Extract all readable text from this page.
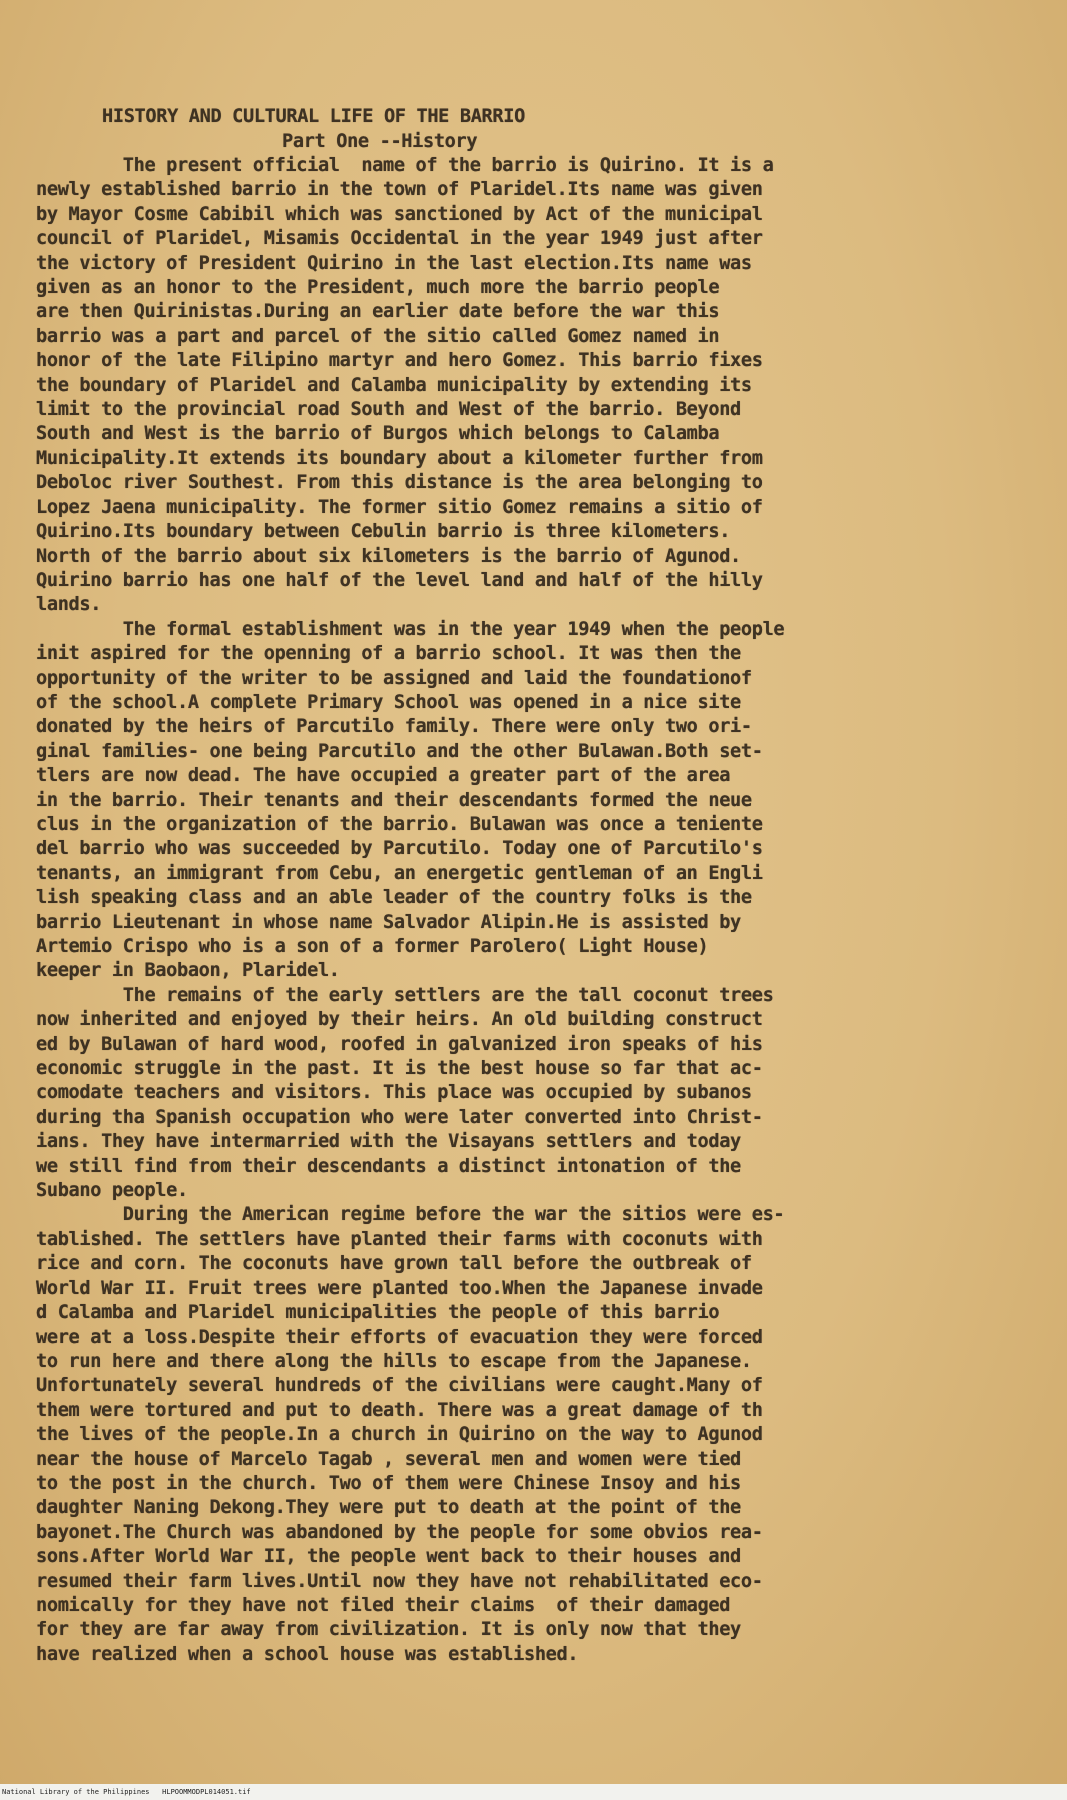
HISTORY AND CULTURAL LIFE OF THE BARRIO
Part One --History

The present official  name of the barrio is Quirino. It is a
newly established barrio in the town of Plaridel.Its name was given
by Mayor Cosme Cabibil which was sanctioned by Act of the municipal
council of Plaridel, Misamis Occidental in the year 1949 just after
the victory of President Quirino in the last election.Its name was
given as an honor to the President, much more the barrio people
are then Quirinistas.During an earlier date before the war this
barrio was a part and parcel of the sitio called Gomez named in
honor of the late Filipino martyr and hero Gomez. This barrio fixes
the boundary of Plaridel and Calamba municipality by extending its
limit to the provincial road South and West of the barrio. Beyond
South and West is the barrio of Burgos which belongs to Calamba
Municipality.It extends its boundary about a kilometer further from
Deboloc river Southest. From this distance is the area belonging to
Lopez Jaena municipality. The former sitio Gomez remains a sitio of
Quirino.Its boundary between Cebulin barrio is three kilometers.
North of the barrio about six kilometers is the barrio of Agunod.
Quirino barrio has one half of the level land and half of the hilly
lands.

The formal establishment was in the year 1949 when the people
init aspired for the openning of a barrio school. It was then the
opportunity of the writer to be assigned and laid the foundationof
of the school.A complete Primary School was opened in a nice site
donated by the heirs of Parcutilo family. There were only two ori-
ginal families- one being Parcutilo and the other Bulawan.Both set-
tlers are now dead. The have occupied a greater part of the area
in the barrio. Their tenants and their descendants formed the neue
clus in the organization of the barrio. Bulawan was once a teniente
del barrio who was succeeded by Parcutilo. Today one of Parcutilo's
tenants, an immigrant from Cebu, an energetic gentleman of an Engli
lish speaking class and an able leader of the country folks is the
barrio Lieutenant in whose name Salvador Alipin.He is assisted by
Artemio Crispo who is a son of a former Parolero( Light House)
keeper in Baobaon, Plaridel.

The remains of the early settlers are the tall coconut trees
now inherited and enjoyed by their heirs. An old building construct
ed by Bulawan of hard wood, roofed in galvanized iron speaks of his
economic struggle in the past. It is the best house so far that ac-
comodate teachers and visitors. This place was occupied by subanos
during tha Spanish occupation who were later converted into Christ-
ians. They have intermarried with the Visayans settlers and today
we still find from their descendants a distinct intonation of the
Subano people.

During the American regime before the war the sitios were es-
tablished. The settlers have planted their farms with coconuts with
rice and corn. The coconuts have grown tall before the outbreak of
World War II. Fruit trees were planted too.When the Japanese invade
d Calamba and Plaridel municipalities the people of this barrio
were at a loss.Despite their efforts of evacuation they were forced
to run here and there along the hills to escape from the Japanese.
Unfortunately several hundreds of the civilians were caught.Many of
them were tortured and put to death. There was a great damage of th
the lives of the people.In a church in Quirino on the way to Agunod
near the house of Marcelo Tagab , several men and women were tied
to the post in the church. Two of them were Chinese Insoy and his
daughter Naning Dekong.They were put to death at the point of the
bayonet.The Church was abandoned by the people for some obvios rea-
sons.After World War II, the people went back to their houses and
resumed their farm lives.Until now they have not rehabilitated eco-
nomically for they have not filed their claims  of their damaged
for they are far away from civilization. It is only now that they
have realized when a school house was established.

National Library of the Philippines   HLPOOMMODPL014051.tif
